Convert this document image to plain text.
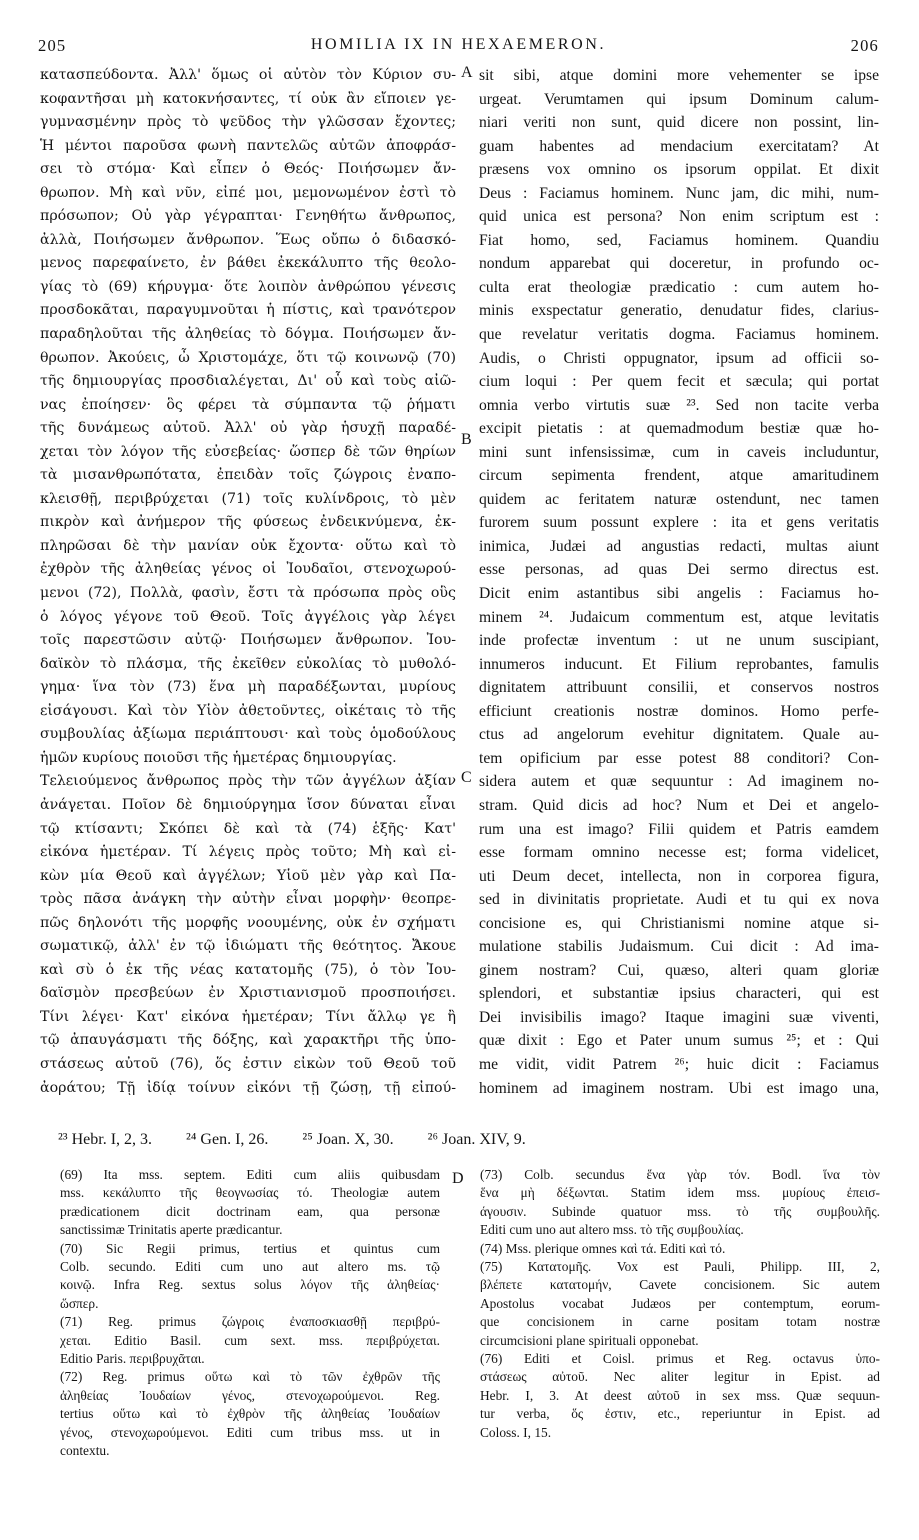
205	HOMILIA IX IN HEXAEMERON.	206
κατασπεύδοντα. Ἀλλ' ὅμως οἱ αὐτὸν τὸν Κύριον συ-
κοφαντῆσαι μὴ κατοκνήσαντες, τί οὐκ ἂν εἴποιεν γε-
γυμνασμένην πρὸς τὸ ψεῦδος τὴν γλῶσσαν ἔχοντες;
Ἡ μέντοι παροῦσα φωνὴ παντελῶς αὐτῶν ἀποφράσ-
σει τὸ στόμα· Καὶ εἶπεν ὁ Θεός· Ποιήσωμεν ἄν-
θρωπον. Μὴ καὶ νῦν, εἰπέ μοι, μεμονωμένον ἐστὶ τὸ
πρόσωπον; Οὐ γὰρ γέγραπται· Γενηθήτω ἄνθρωπος,
ἀλλὰ, Ποιήσωμεν ἄνθρωπον. Ἕως οὔπω ὁ διδασκό-
μενος παρεφαίνετο, ἐν βάθει ἐκεκάλυπτο τῆς θεολο-
γίας τὸ (69) κήρυγμα· ὅτε λοιπὸν ἀνθρώπου γένεσις
προσδοκᾶται, παραγυμνοῦται ἡ πίστις, καὶ τρανότερον
παραδηλοῦται τῆς ἀληθείας τὸ δόγμα. Ποιήσωμεν ἄν-
θρωπον. Ἀκούεις, ὦ Χριστομάχε, ὅτι τῷ κοινωνῷ (70)
τῆς δημιουργίας προσδιαλέγεται, Δι' οὗ καὶ τοὺς αἰῶ-
νας ἐποίησεν· ὃς φέρει τὰ σύμπαντα τῷ ῥήματι
τῆς δυνάμεως αὐτοῦ. Ἀλλ' οὐ γὰρ ἡσυχῇ παραδέ-
χεται τὸν λόγον τῆς εὐσεβείας· ὥσπερ δὲ τῶν θηρίων
τὰ μισανθρωπότατα, ἐπειδὰν τοῖς ζώγροις ἐναπο-
κλεισθῇ, περιβρύχεται (71) τοῖς κυλίνδροις, τὸ μὲν
πικρὸν καὶ ἀνήμερον τῆς φύσεως ἐνδεικνύμενα, ἐκ-
πληρῶσαι δὲ τὴν μανίαν οὐκ ἔχοντα· οὕτω καὶ τὸ
ἐχθρὸν τῆς ἀληθείας γένος οἱ Ἰουδαῖοι, στενοχωρού-
μενοι (72), Πολλὰ, φασὶν, ἔστι τὰ πρόσωπα πρὸς οὓς
ὁ λόγος γέγονε τοῦ Θεοῦ. Τοῖς ἀγγέλοις γὰρ λέγει
τοῖς παρεστῶσιν αὐτῷ· Ποιήσωμεν ἄνθρωπον. Ἰου-
δαϊκὸν τὸ πλάσμα, τῆς ἐκεῖθεν εὐκολίας τὸ μυθολό-
γημα· ἵνα τὸν (73) ἕνα μὴ παραδέξωνται, μυρίους
εἰσάγουσι. Καὶ τὸν Υἱὸν ἀθετοῦντες, οἰκέταις τὸ τῆς
συμβουλίας ἀξίωμα περιάπτουσι· καὶ τοὺς ὁμοδούλους
ἡμῶν κυρίους ποιοῦσι τῆς ἡμετέρας δημιουργίας.
Τελειούμενος ἄνθρωπος πρὸς τὴν τῶν ἀγγέλων ἀξίαν
ἀνάγεται. Ποῖον δὲ δημιούργημα ἴσον δύναται εἶναι
τῷ κτίσαντι; Σκόπει δὲ καὶ τὰ (74) ἑξῆς· Κατ'
εἰκόνα ἡμετέραν. Τί λέγεις πρὸς τοῦτο; Μὴ καὶ εἰ-
κὼν μία Θεοῦ καὶ ἀγγέλων; Υἱοῦ μὲν γὰρ καὶ Πα-
τρὸς πᾶσα ἀνάγκη τὴν αὐτὴν εἶναι μορφὴν· θεοπρε-
πῶς δηλονότι τῆς μορφῆς νοουμένης, οὐκ ἐν σχήματι
σωματικῷ, ἀλλ' ἐν τῷ ἰδιώματι τῆς θεότητος. Ἄκουε
καὶ σὺ ὁ ἐκ τῆς νέας κατατομῆς (75), ὁ τὸν Ἰου-
δαϊσμὸν πρεσβεύων ἐν Χριστιανισμοῦ προσποιήσει.
Τίνι λέγει· Κατ' εἰκόνα ἡμετέραν; Τίνι ἄλλῳ γε ἢ
τῷ ἀπαυγάσματι τῆς δόξης, καὶ χαρακτῆρι τῆς ὑπο-
στάσεως αὐτοῦ (76), ὅς ἐστιν εἰκὼν τοῦ Θεοῦ τοῦ
ἀοράτου; Τῇ ἰδίᾳ τοίνυν εἰκόνι τῇ ζώσῃ, τῇ εἰπού-
sit sibi, atque domini more vehementer se ipse
urgeat. Verumtamen qui ipsum Dominum calum-
niari veriti non sunt, quid dicere non possint, lin-
guam habentes ad mendacium exercitatam? At
præsens vox omnino os ipsorum oppilat. Et dixit
Deus : Faciamus hominem. Nunc jam, dic mihi, num-
quid unica est persona? Non enim scriptum est :
Fiat homo, sed, Faciamus hominem. Quandiu
nondum apparebat qui doceretur, in profundo oc-
culta erat theologiæ prædicatio : cum autem ho-
minis exspectatur generatio, denudatur fides, clarius-
que revelatur veritatis dogma. Faciamus hominem.
Audis, o Christi oppugnator, ipsum ad officii so-
cium loqui : Per quem fecit et sæcula; qui portat
omnia verbo virtutis suæ ²³. Sed non tacite verba
excipit pietatis : at quemadmodum bestiæ quæ ho-
mini sunt infensissimæ, cum in caveis includuntur,
circum sepimenta frendent, atque amaritudinem
quidem ac feritatem naturæ ostendunt, nec tamen
furorem suum possunt explere : ita et gens veritatis
inimica, Judæi ad angustias redacti, multas aiunt
esse personas, ad quas Dei sermo directus est.
Dicit enim astantibus sibi angelis : Faciamus ho-
minem ²⁴. Judaicum commentum est, atque levitatis
inde profectæ inventum : ut ne unum suscipiant,
innumeros inducunt. Et Filium reprobantes, famulis
dignitatem attribuunt consilii, et conservos nostros
efficiunt creationis nostræ dominos. Homo perfe-
ctus ad angelorum evehitur dignitatem. Quale au-
tem opificium par esse potest 88 conditori? Con-
sidera autem et quæ sequuntur : Ad imaginem no-
stram. Quid dicis ad hoc? Num et Dei et angelo-
rum una est imago? Filii quidem et Patris eamdem
esse formam omnino necesse est; forma videlicet,
uti Deum decet, intellecta, non in corporea figura,
sed in divinitatis proprietate. Audi et tu qui ex nova
concisione es, qui Christianismi nomine atque si-
mulatione stabilis Judaismum. Cui dicit : Ad ima-
ginem nostram? Cui, quæso, alteri quam gloriæ
splendori, et substantiæ ipsius characteri, qui est
Dei invisibilis imago? Itaque imagini suæ viventi,
quæ dixit : Ego et Pater unum sumus ²⁵; et : Qui
me vidit, vidit Patrem ²⁶; huic dicit : Faciamus
hominem ad imaginem nostram. Ubi est imago una,
A
B
C
D
²³ Hebr. I, 2, 3. ²⁴ Gen. I, 26. ²⁵ Joan. X, 30. ²⁶ Joan. XIV, 9.
(69) Ita mss. septem. Editi cum aliis quibusdam
mss. κεκάλυπτο τῆς θεογνωσίας τό. Theologiæ autem
prædicationem dicit doctrinam eam, qua personæ
sanctissimæ Trinitatis aperte prædicantur.
(70) Sic Regii primus, tertius et quintus cum
Colb. secundo. Editi cum uno aut altero ms. τῷ
κοινῷ. Infra Reg. sextus solus λόγον τῆς ἀληθείας·
ὥσπερ.
(71) Reg. primus ζώγροις ἐναποσκιασθῇ περιβρύ-
χεται. Editio Basil. cum sext. mss. περιβρύχεται.
Editio Paris. περιβρυχᾶται.
(72) Reg. primus οὕτω καὶ τὸ τῶν ἐχθρῶν τῆς
ἀληθείας Ἰουδαίων γένος, στενοχωρούμενοι. Reg.
tertius οὕτω καὶ τὸ ἐχθρὸν τῆς ἀληθείας Ἰουδαίων
γένος, στενοχωρούμενοι. Editi cum tribus mss. ut in
contextu.
(73) Colb. secundus ἕνα γὰρ τόν. Bodl. ἵνα τὸν
ἕνα μὴ δέξωνται. Statim idem mss. μυρίους ἐπεισ-
άγουσιν. Subinde quatuor mss. τὸ τῆς συμβουλῆς.
Editi cum uno aut altero mss. τὸ τῆς συμβουλίας.
(74) Mss. plerique omnes καὶ τά. Editi καὶ τό.
(75) Κατατομῆς. Vox est Pauli, Philipp. III, 2,
βλέπετε κατατομήν, Cavete concisionem. Sic autem
Apostolus vocabat Judæos per contemptum, eorum-
que concisionem in carne positam totam nostræ
circumcisioni plane spirituali opponebat.
(76) Editi et Coisl. primus et Reg. octavus ὑπο-
στάσεως αὐτοῦ. Nec aliter legitur in Epist. ad
Hebr. I, 3. At deest αὐτοῦ in sex mss. Quæ sequun-
tur verba, ὅς ἐστιν, etc., reperiuntur in Epist. ad
Coloss. I, 15.
